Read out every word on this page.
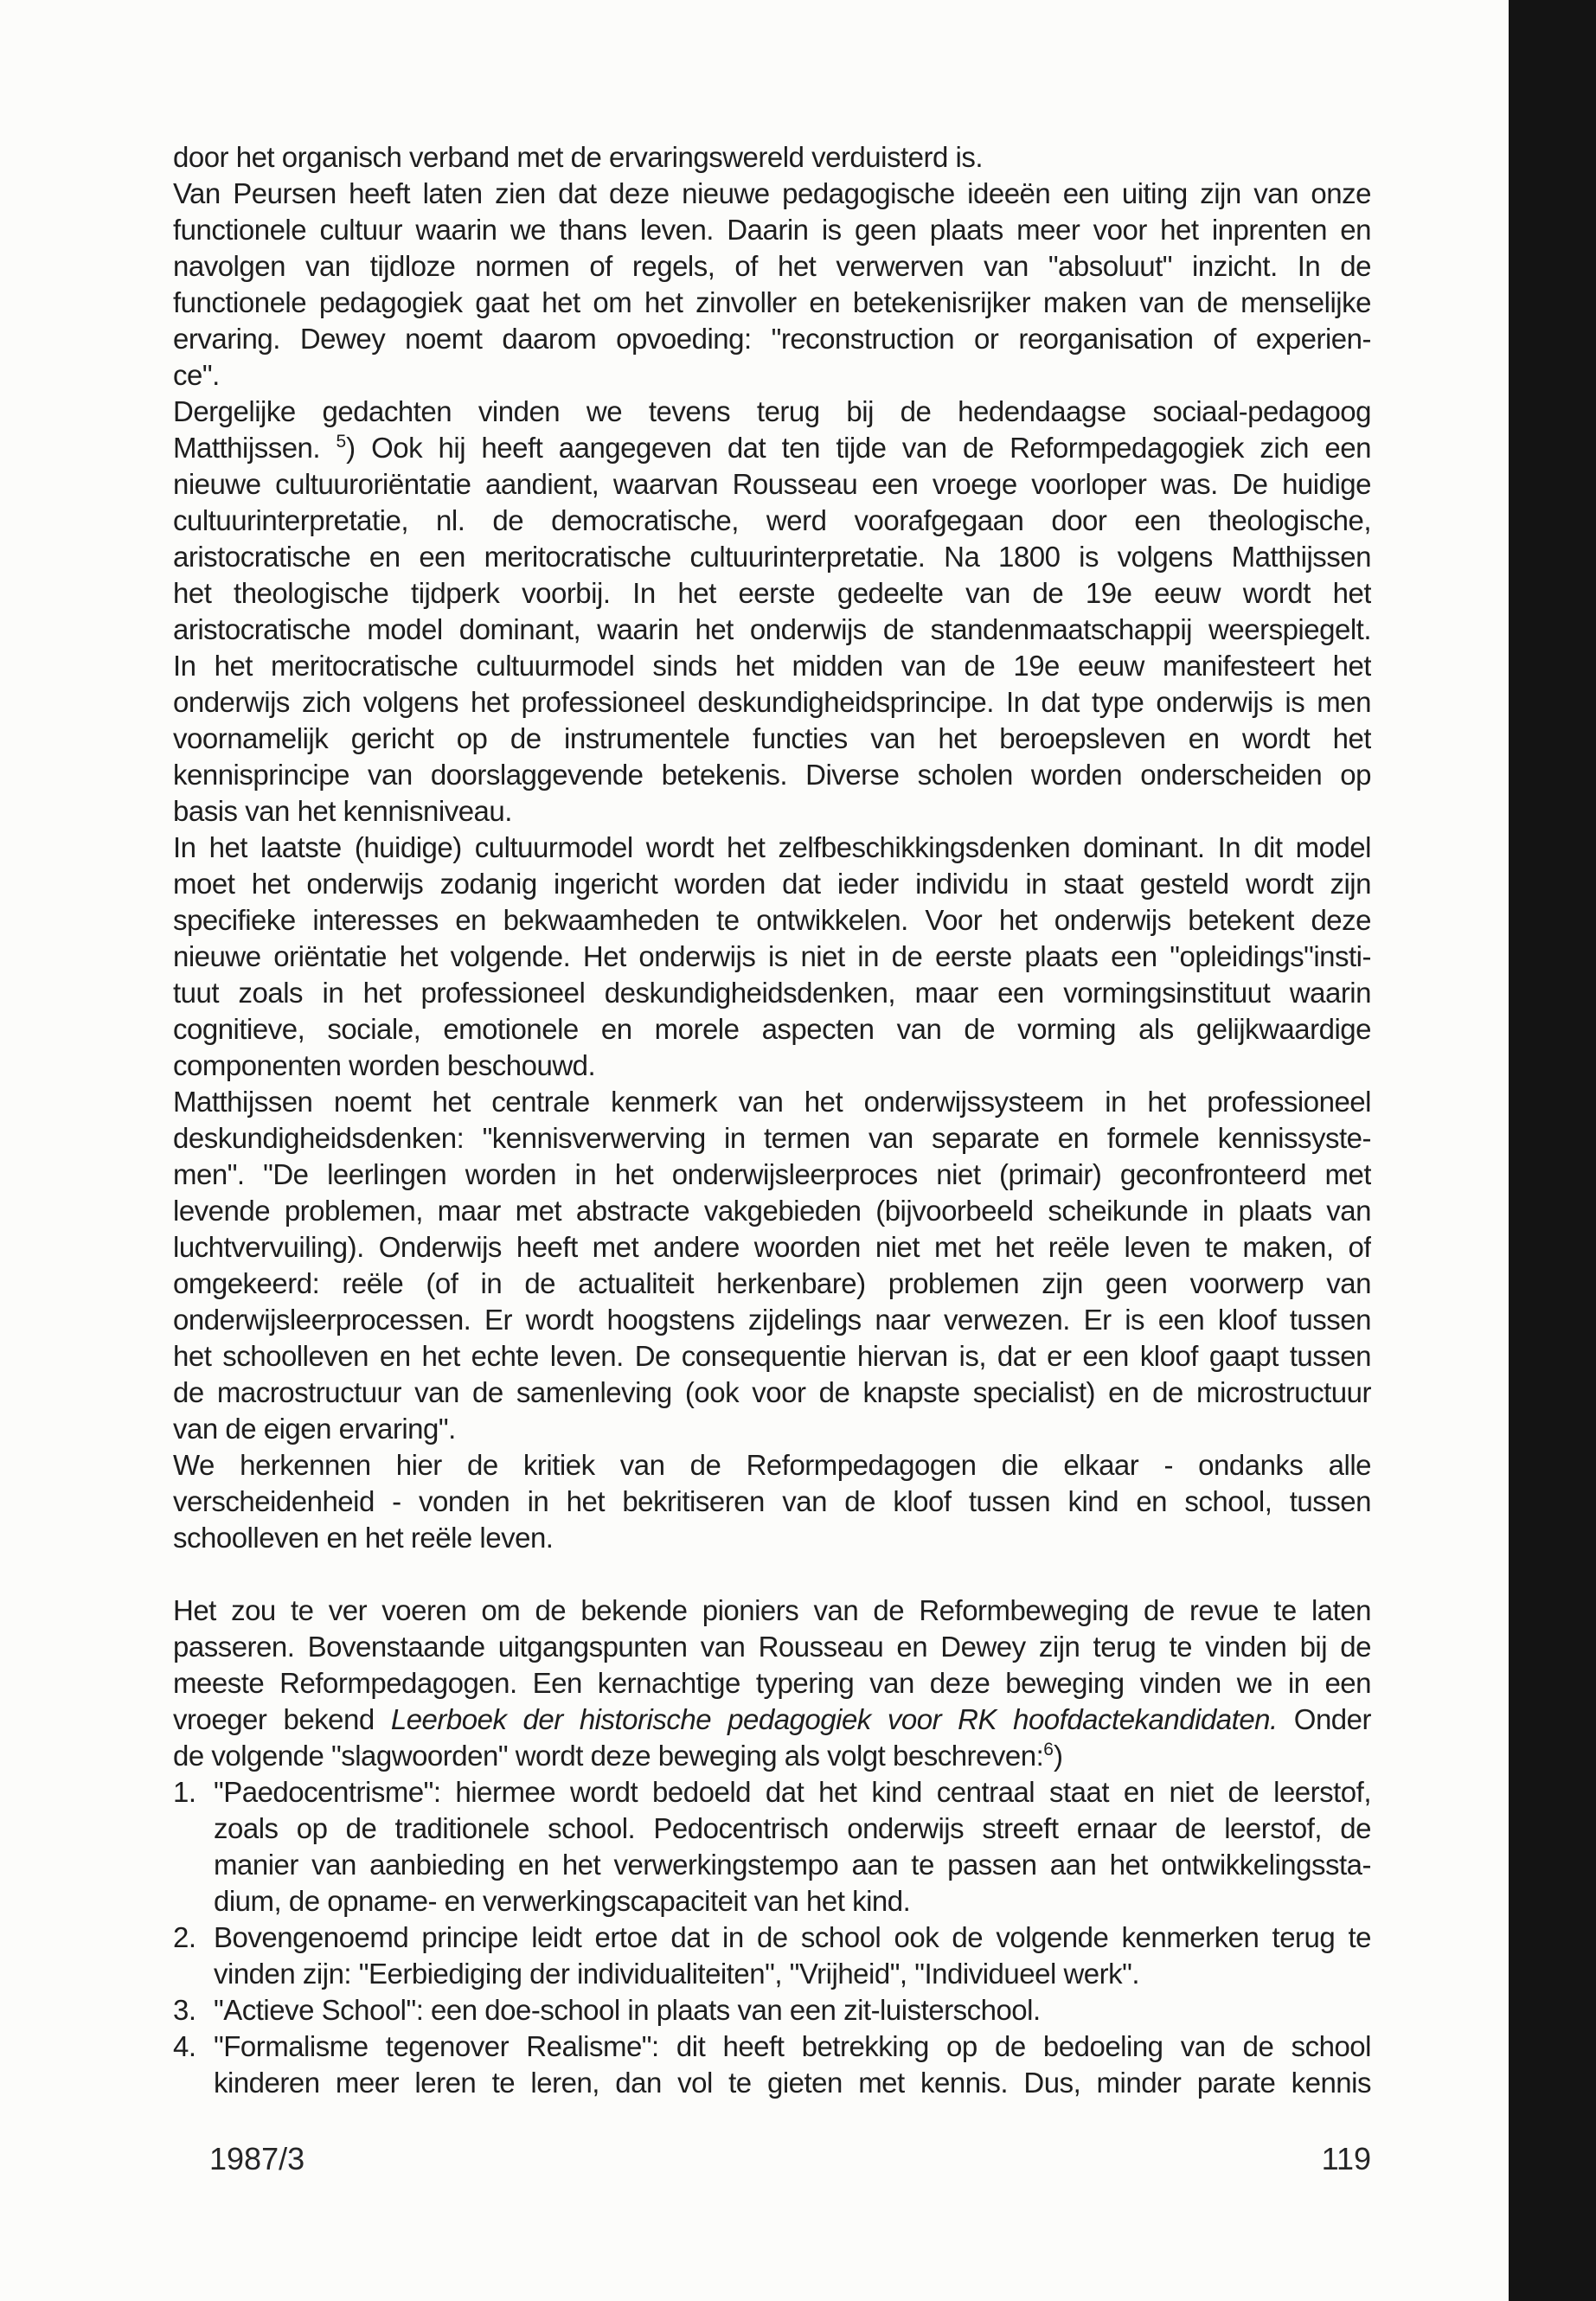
door het organisch verband met de ervaringswereld verduisterd is.
Van Peursen heeft laten zien dat deze nieuwe pedagogische ideeën een uiting zijn van onze
functionele cultuur waarin we thans leven. Daarin is geen plaats meer voor het inprenten en
navolgen van tijdloze normen of regels, of het verwerven van "absoluut" inzicht. In de
functionele pedagogiek gaat het om het zinvoller en betekenisrijker maken van de menselijke
ervaring. Dewey noemt daarom opvoeding: "reconstruction or reorganisation of experien-
ce".
Dergelijke gedachten vinden we tevens terug bij de hedendaagse sociaal-pedagoog
Matthijssen. $^5$) Ook hij heeft aangegeven dat ten tijde van de Reformpedagogiek zich een
nieuwe cultuuroriëntatie aandient, waarvan Rousseau een vroege voorloper was. De huidige
cultuurinterpretatie, nl. de democratische, werd voorafgegaan door een theologische,
aristocratische en een meritocratische cultuurinterpretatie. Na 1800 is volgens Matthijssen
het theologische tijdperk voorbij. In het eerste gedeelte van de 19e eeuw wordt het
aristocratische model dominant, waarin het onderwijs de standenmaatschappij weerspiegelt.
In het meritocratische cultuurmodel sinds het midden van de 19e eeuw manifesteert het
onderwijs zich volgens het professioneel deskundigheidsprincipe. In dat type onderwijs is men
voornamelijk gericht op de instrumentele functies van het beroepsleven en wordt het
kennisprincipe van doorslaggevende betekenis. Diverse scholen worden onderscheiden op
basis van het kennisniveau.
In het laatste (huidige) cultuurmodel wordt het zelfbeschikkingsdenken dominant. In dit model
moet het onderwijs zodanig ingericht worden dat ieder individu in staat gesteld wordt zijn
specifieke interesses en bekwaamheden te ontwikkelen. Voor het onderwijs betekent deze
nieuwe oriëntatie het volgende. Het onderwijs is niet in de eerste plaats een "opleidings"insti-
tuut zoals in het professioneel deskundigheidsdenken, maar een vormingsinstituut waarin
cognitieve, sociale, emotionele en morele aspecten van de vorming als gelijkwaardige
componenten worden beschouwd.
Matthijssen noemt het centrale kenmerk van het onderwijssysteem in het professioneel
deskundigheidsdenken: "kennisverwerving in termen van separate en formele kennissyste-
men". "De leerlingen worden in het onderwijsleerproces niet (primair) geconfronteerd met
levende problemen, maar met abstracte vakgebieden (bijvoorbeeld scheikunde in plaats van
luchtvervuiling). Onderwijs heeft met andere woorden niet met het reële leven te maken, of
omgekeerd: reële (of in de actualiteit herkenbare) problemen zijn geen voorwerp van
onderwijsleerprocessen. Er wordt hoogstens zijdelings naar verwezen. Er is een kloof tussen
het schoolleven en het echte leven. De consequentie hiervan is, dat er een kloof gaapt tussen
de macrostructuur van de samenleving (ook voor de knapste specialist) en de microstructuur
van de eigen ervaring".
We herkennen hier de kritiek van de Reformpedagogen die elkaar - ondanks alle
verscheidenheid - vonden in het bekritiseren van de kloof tussen kind en school, tussen
schoolleven en het reële leven.
Het zou te ver voeren om de bekende pioniers van de Reformbeweging de revue te laten
passeren. Bovenstaande uitgangspunten van Rousseau en Dewey zijn terug te vinden bij de
meeste Reformpedagogen. Een kernachtige typering van deze beweging vinden we in een
vroeger bekend Leerboek der historische pedagogiek voor RK hoofdactekandidaten. Onder
de volgende "slagwoorden" wordt deze beweging als volgt beschreven:$^6$)
1. "Paedocentrisme": hiermee wordt bedoeld dat het kind centraal staat en niet de leerstof,
zoals op de traditionele school. Pedocentrisch onderwijs streeft ernaar de leerstof, de
manier van aanbieding en het verwerkingstempo aan te passen aan het ontwikkelingssta-
dium, de opname- en verwerkingscapaciteit van het kind.
2. Bovengenoemd principe leidt ertoe dat in de school ook de volgende kenmerken terug te
vinden zijn: "Eerbiediging der individualiteiten", "Vrijheid", "Individueel werk".
3. "Actieve School": een doe-school in plaats van een zit-luisterschool.
4. "Formalisme tegenover Realisme": dit heeft betrekking op de bedoeling van de school
kinderen meer leren te leren, dan vol te gieten met kennis. Dus, minder parate kennis
1987/3	119
